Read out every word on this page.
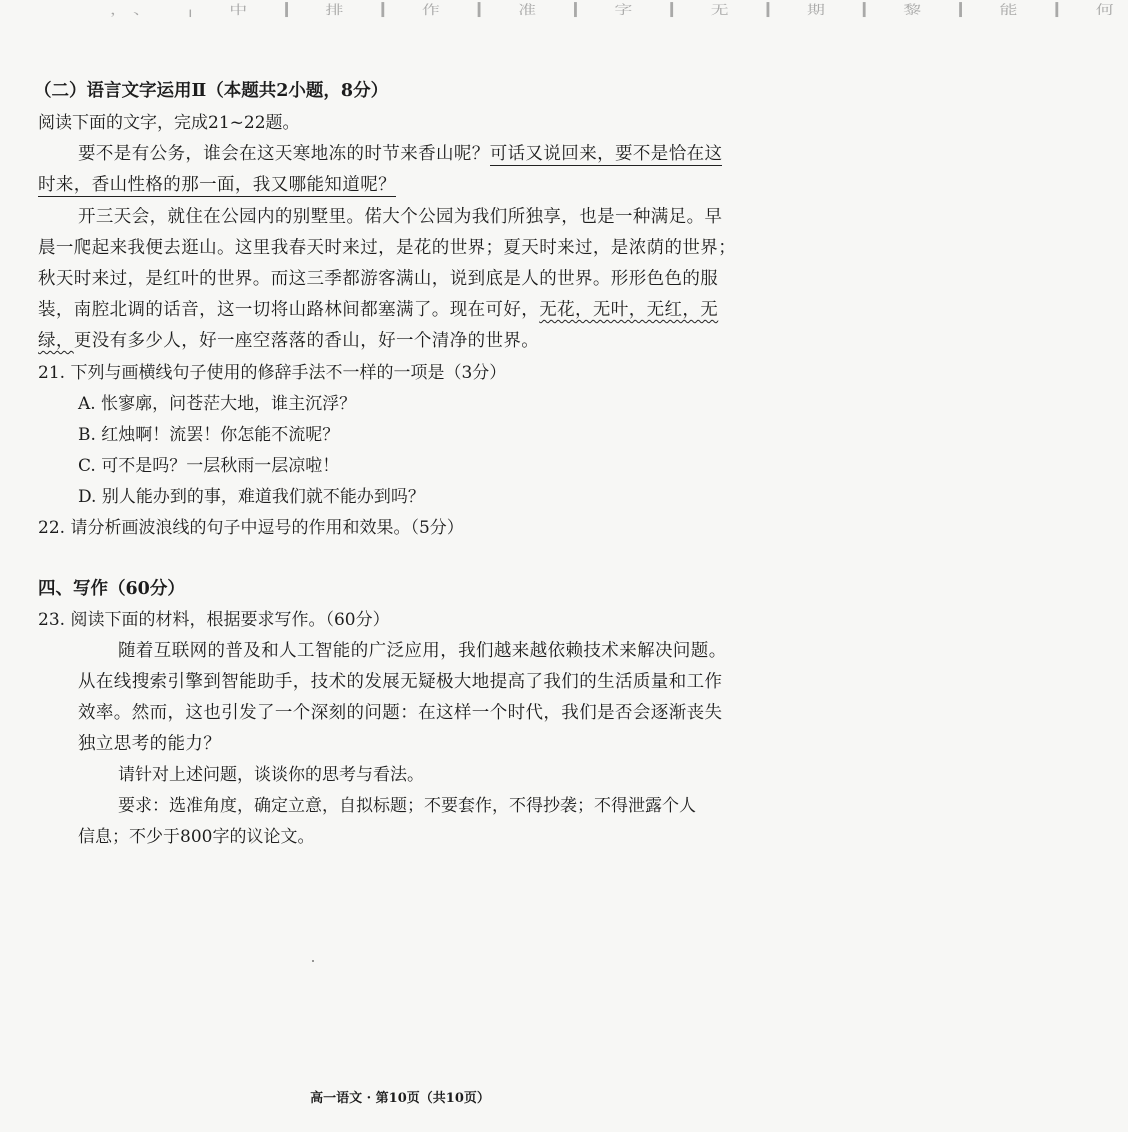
，、 ╷ 中 ┃ 排 ┃ 作 ┃ 准 ┃ 字 ┃ 无 ┃ 期 ┃ 黎 ┃ 能 ┃ 何
（二）语言文字运用Ⅱ（本题共2小题，8分）
阅读下面的文字，完成21~22题。
要不是有公务，谁会在这天寒地冻的时节来香山呢？可话又说回来，要不是恰在这
时来，香山性格的那一面，我又哪能知道呢？
开三天会，就住在公园内的别墅里。偌大个公园为我们所独享，也是一种满足。早
晨一爬起来我便去逛山。这里我春天时来过，是花的世界；夏天时来过，是浓荫的世界；
秋天时来过，是红叶的世界。而这三季都游客满山，说到底是人的世界。形形色色的服
装，南腔北调的话音，这一切将山路林间都塞满了。现在可好，无花，无叶，无红，无
绿，更没有多少人，好一座空落落的香山，好一个清净的世界。
21. 下列与画横线句子使用的修辞手法不一样的一项是（3分）
A. 怅寥廓，问苍茫大地，谁主沉浮？
B. 红烛啊！流罢！你怎能不流呢？
C. 可不是吗？一层秋雨一层凉啦！
D. 别人能办到的事，难道我们就不能办到吗？
22. 请分析画波浪线的句子中逗号的作用和效果。（5分）
四、写作（60分）
23. 阅读下面的材料，根据要求写作。（60分）
随着互联网的普及和人工智能的广泛应用，我们越来越依赖技术来解决问题。
从在线搜索引擎到智能助手，技术的发展无疑极大地提高了我们的生活质量和工作
效率。然而，这也引发了一个深刻的问题：在这样一个时代，我们是否会逐渐丧失
独立思考的能力？
请针对上述问题，谈谈你的思考与看法。
要求：选准角度，确定立意，自拟标题；不要套作，不得抄袭；不得泄露个人
信息；不少于800字的议论文。
高一语文 · 第10页（共10页）
